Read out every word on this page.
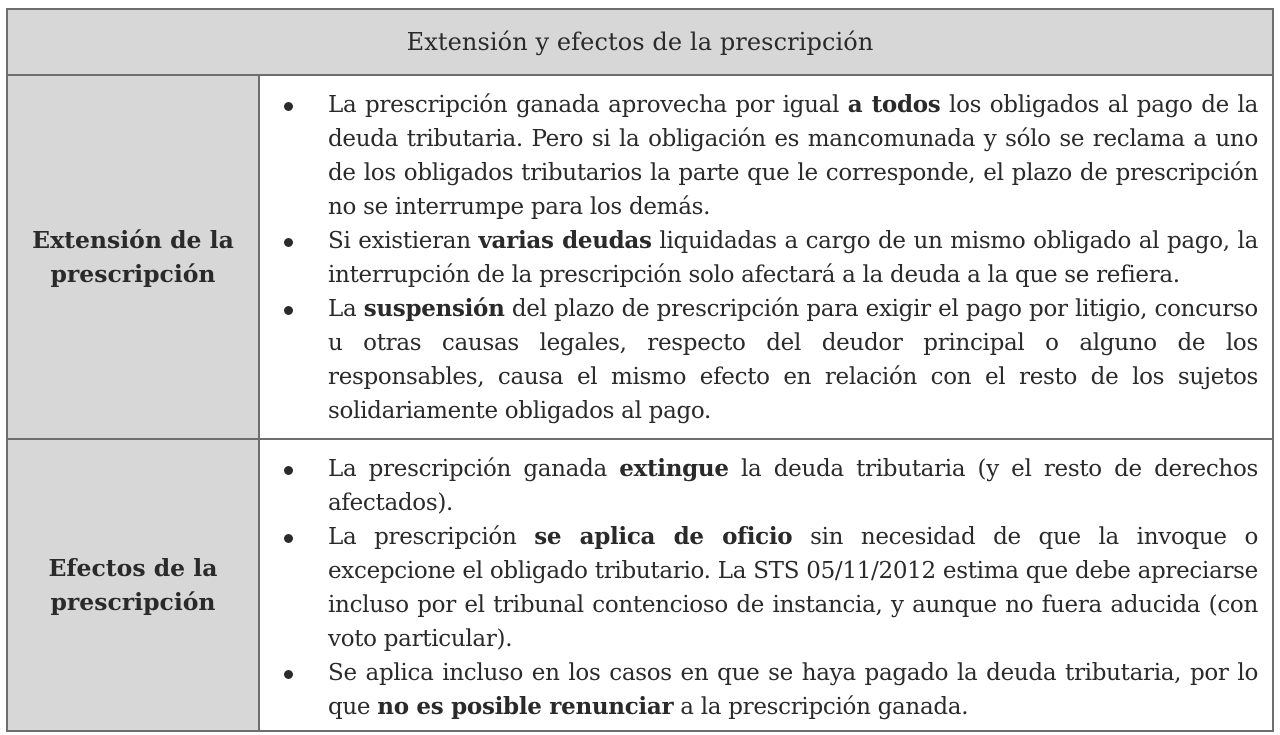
Extensión y efectos de la prescripción
Extensión de la
prescripción
La prescripción ganada aprovecha por igual a todos los obligados al pago de la deuda tributaria. Pero si la obligación es mancomunada y sólo se reclama a uno de los obligados tributarios la parte que le corresponde, el plazo de prescripción no se interrumpe para los demás.
Si existieran varias deudas liquidadas a cargo de un mismo obligado al pago, la interrupción de la prescripción solo afectará a la deuda a la que se refiera.
La suspensión del plazo de prescripción para exigir el pago por litigio, concurso u otras causas legales, respecto del deudor principal o alguno de los responsables, causa el mismo efecto en relación con el resto de los sujetos solidariamente obligados al pago.
Efectos de la
prescripción
La prescripción ganada extingue la deuda tributaria (y el resto de derechos afectados).
La prescripción se aplica de oficio sin necesidad de que la invoque o excepcione el obligado tributario. La STS 05/11/2012 estima que debe apreciarse incluso por el tribunal contencioso de instancia, y aunque no fuera aducida (con voto particular).
Se aplica incluso en los casos en que se haya pagado la deuda tributaria, por lo que no es posible renunciar a la prescripción ganada.
